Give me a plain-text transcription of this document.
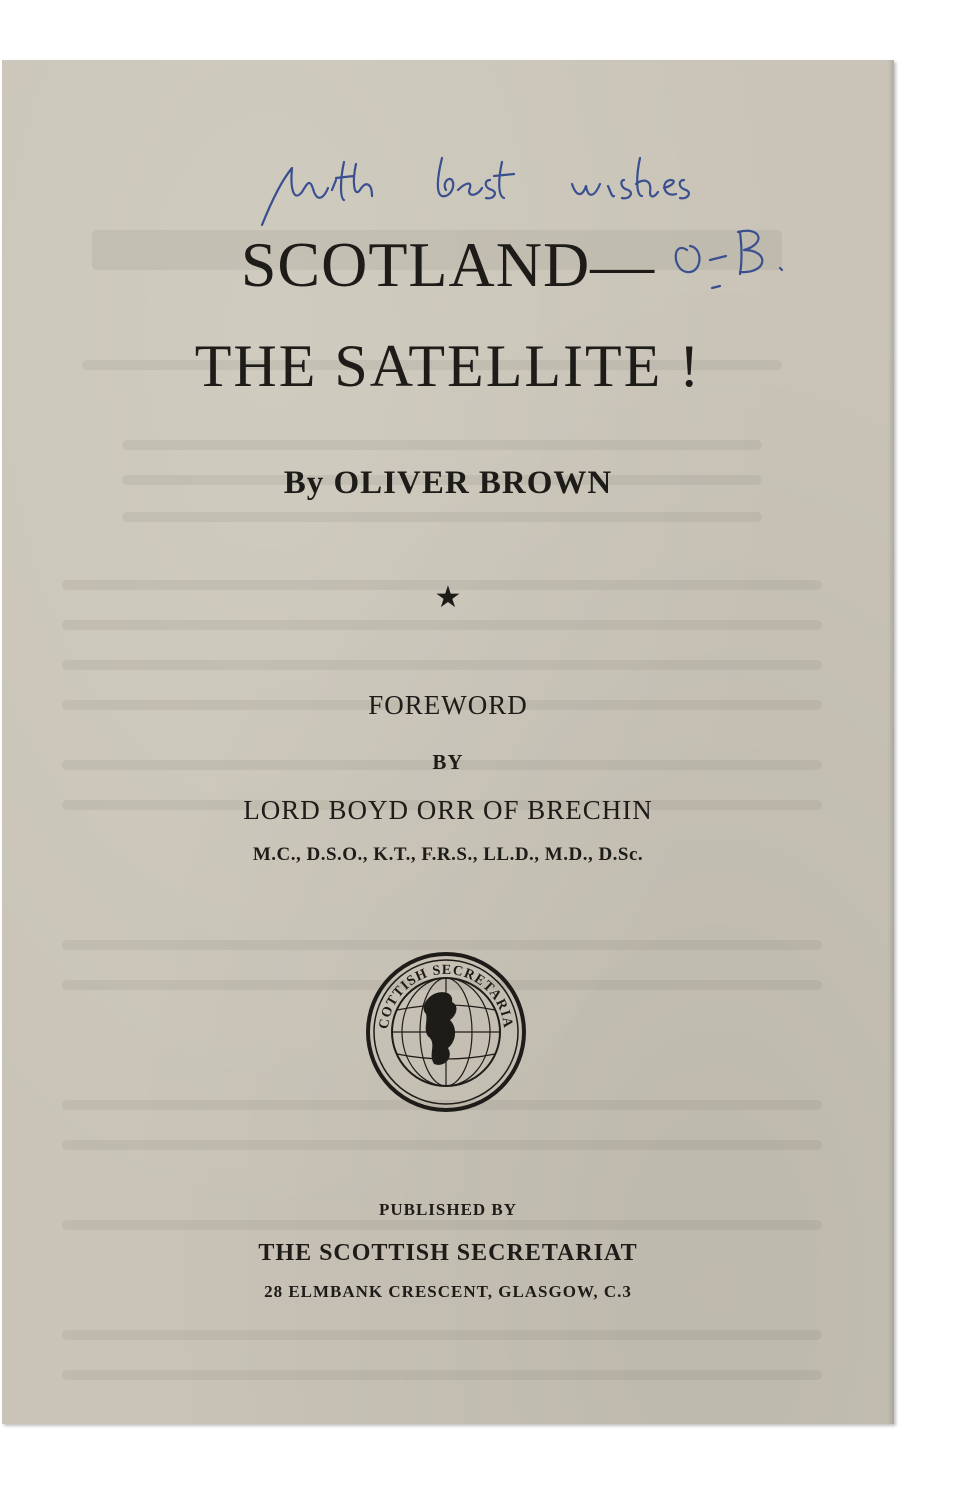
SCOTLAND—
THE SATELLITE !
By OLIVER BROWN
★
FOREWORD
BY
LORD BOYD ORR OF BRECHIN
M.C., D.S.O., K.T., F.R.S., LL.D., M.D., D.Sc.
COTTISH SECRETARIA
PUBLISHED BY
THE SCOTTISH SECRETARIAT
28 ELMBANK CRESCENT, GLASGOW, C.3
